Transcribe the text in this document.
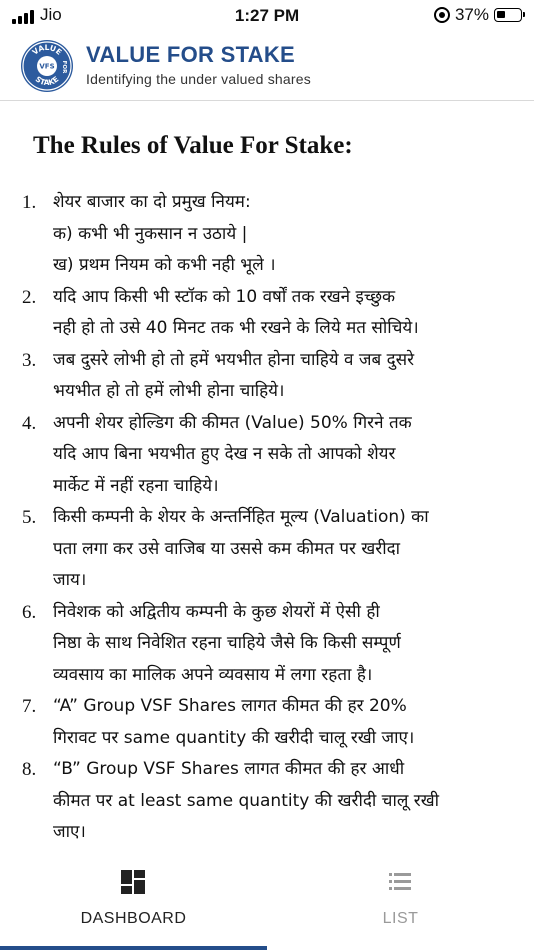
Jio	1:27 PM	37%
VALUE
STAKE
FOR
VFS VALUE FOR STAKE
Identifying the under valued shares
The Rules of Value For Stake:
1. शेयर बाजार का दो प्रमुख नियम:
क) कभी भी नुकसान न उठाये |
ख) प्रथम नियम को कभी नही भूले ।
2. यदि आप किसी भी स्टॉक को 10 वर्षों तक रखने इच्छुक
नही हो तो उसे 40 मिनट तक भी रखने के लिये मत सोचिये।
3. जब दुसरे लोभी हो तो हमें भयभीत होना चाहिये व जब दुसरे
भयभीत हो तो हमें लोभी होना चाहिये।
4. अपनी शेयर होल्डिग की कीमत (Value) 50% गिरने तक
यदि आप बिना भयभीत हुए देख न सके तो आपको शेयर
मार्केट में नहीं रहना चाहिये।
5. किसी कम्पनी के शेयर के अन्तर्निहित मूल्य (Valuation) का
पता लगा कर उसे वाजिब या उससे कम कीमत पर खरीदा
जाय।
6. निवेशक को अद्वितीय कम्पनी के कुछ शेयरों में ऐसी ही
निष्ठा के साथ निवेशित रहना चाहिये जैसे कि किसी सम्पूर्ण
व्यवसाय का मालिक अपने व्यवसाय में लगा रहता है।
7. “A” Group VSF Shares लागत कीमत की हर 20%
गिरावट पर same quantity की खरीदी चालू रखी जाए।
8. “B” Group VSF Shares लागत कीमत की हर आधी
कीमत पर at least same quantity की खरीदी चालू रखी
जाए।
DASHBOARD	LIST
